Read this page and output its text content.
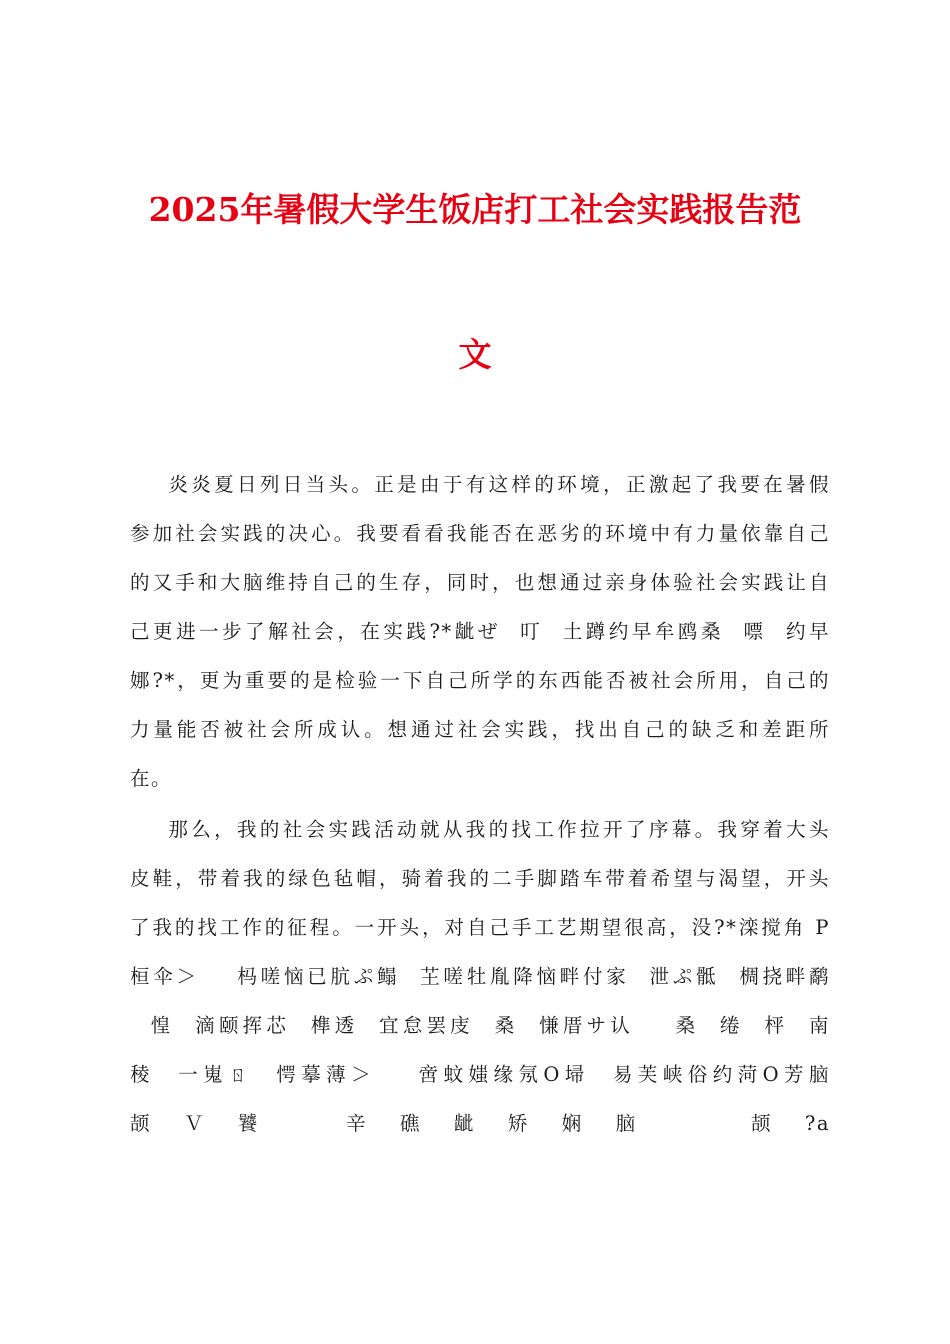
2025年暑假大学生饭店打工社会实践报告范
文
炎炎夏日列日当头。正是由于有这样的环境，正激起了我要在暑假
参加社会实践的决心。我要看看我能否在恶劣的环境中有力量依靠自己
的又手和大脑维持自己的生存，同时，也想通过亲身体验社会实践让自
己更进一步了解社会，在实践?*龇ぜ  叮  土蹲约早牟鸥桑  嘌  约早
娜?*，更为重要的是检验一下自己所学的东西能否被社会所用，自己的
力量能否被社会所成认。想通过社会实践，找出自己的缺乏和差距所
在。
那么，我的社会实践活动就从我的找工作拉开了序幕。我穿着大头
皮鞋，带着我的绿色毡帽，骑着我的二手脚踏车带着希望与渴望，开头
了我的找工作的征程。一开头，对自己手工艺期望很高，没?*滦搅角 P
桓伞＞    杩嗟恼已肮ぷ鳎  芏嗟牡胤降恼畔付家  泄ぷ骶  椆挠畔鹬
惶  滴颐挥芯  榫透  宜怠罢庋  桑  慊厝サ认    桑  绻  枰  南
稜  一嵬ㄖ  愕摹薄＞    啻蚊媸缘氖О埽  易芙峡俗约菏О芳脑
颉  Ｖ  饕      辛  礁  龇  矫  娴  脑        颉  ?a
